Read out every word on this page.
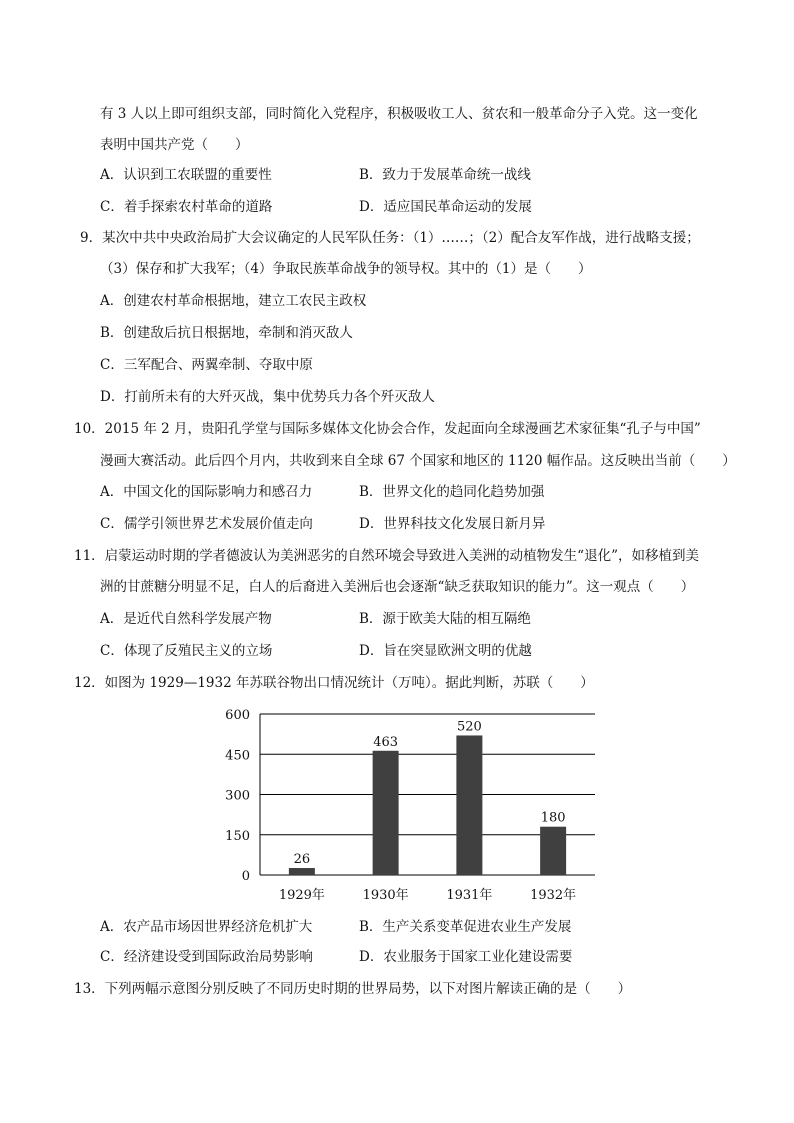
有 3 人以上即可组织支部，同时简化入党程序，积极吸收工人、贫农和一般革命分子入党。这一变化
表明中国共产党（　　）
A．认识到工农联盟的重要性	B．致力于发展革命统一战线
C．着手探索农村革命的道路	D．适应国民革命运动的发展
9．某次中共中央政治局扩大会议确定的人民军队任务：（1）……；（2）配合友军作战，进行战略支援；
（3）保存和扩大我军；（4）争取民族革命战争的领导权。其中的（1）是（　　）
A．创建农村革命根据地，建立工农民主政权
B．创建敌后抗日根据地，牵制和消灭敌人
C．三军配合、两翼牵制、夺取中原
D．打前所未有的大歼灭战，集中优势兵力各个歼灭敌人
10．2015 年 2 月，贵阳孔学堂与国际多媒体文化协会合作，发起面向全球漫画艺术家征集“孔子与中国”
漫画大赛活动。此后四个月内，共收到来自全球 67 个国家和地区的 1120 幅作品。这反映出当前（　　）
A．中国文化的国际影响力和感召力	B．世界文化的趋同化趋势加强
C．儒学引领世界艺术发展价值走向	D．世界科技文化发展日新月异
11．启蒙运动时期的学者德波认为美洲恶劣的自然环境会导致进入美洲的动植物发生“退化”，如移植到美
洲的甘蔗糖分明显不足，白人的后裔进入美洲后也会逐渐“缺乏获取知识的能力”。这一观点（　　）
A．是近代自然科学发展产物	B．源于欧美大陆的相互隔绝
C．体现了反殖民主义的立场	D．旨在突显欧洲文明的优越
12．如图为 1929—1932 年苏联谷物出口情况统计（万吨）。据此判断，苏联（　　）
0
150
300
450
600
26
463
520
180
1929年	1930年	1931年	1932年
A．农产品市场因世界经济危机扩大	B．生产关系变革促进农业生产发展
C．经济建设受到国际政治局势影响	D．农业服务于国家工业化建设需要
13．下列两幅示意图分别反映了不同历史时期的世界局势，以下对图片解读正确的是（　　）
